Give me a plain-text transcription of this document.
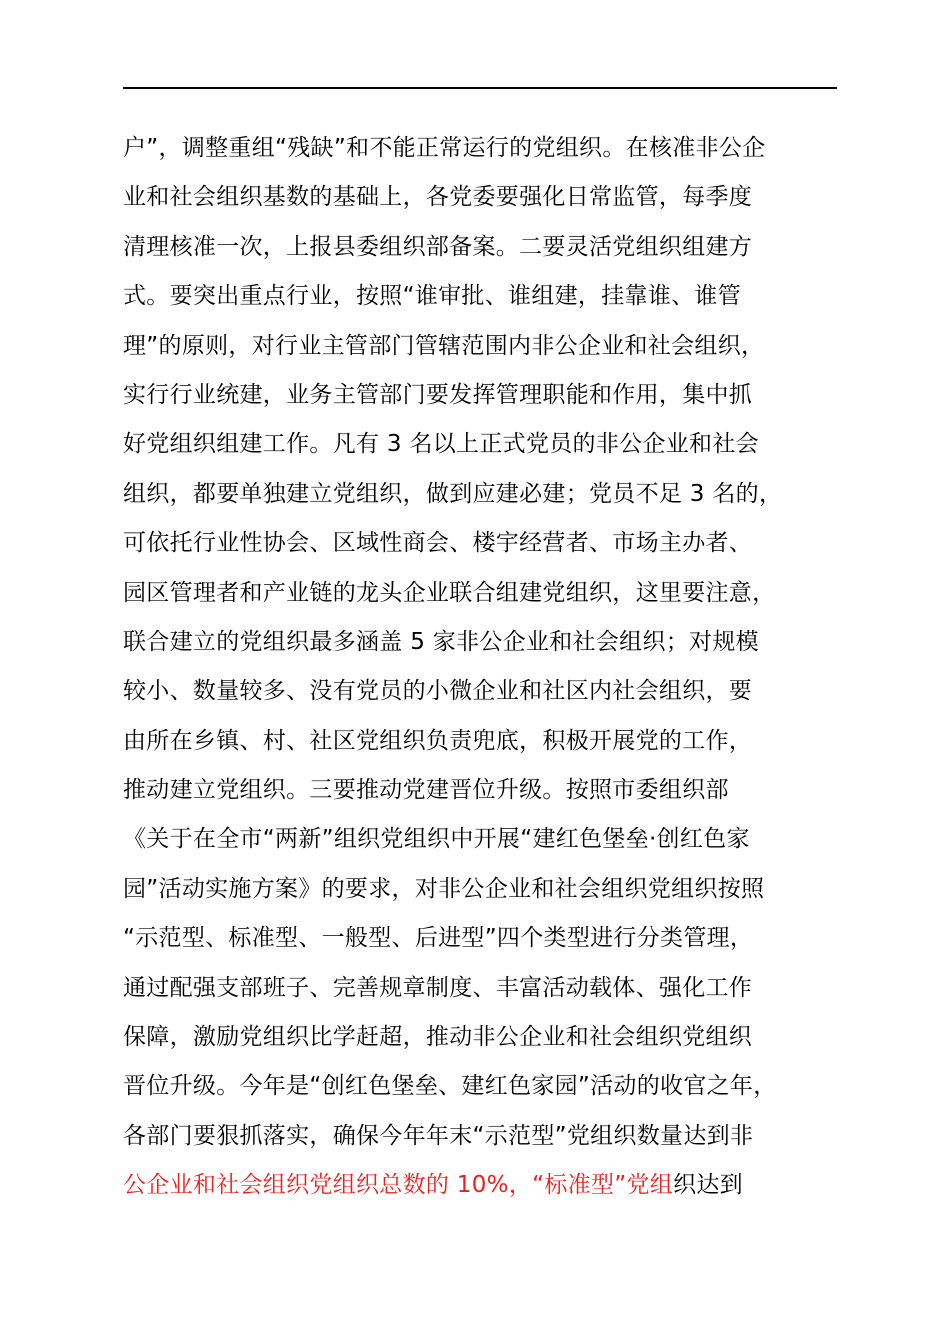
户”，调整重组“残缺”和不能正常运行的党组织。在核准非公企
业和社会组织基数的基础上，各党委要强化日常监管，每季度
清理核准一次，上报县委组织部备案。二要灵活党组织组建方
式。要突出重点行业，按照“谁审批、谁组建，挂靠谁、谁管
理”的原则，对行业主管部门管辖范围内非公企业和社会组织，
实行行业统建，业务主管部门要发挥管理职能和作用，集中抓
好党组织组建工作。凡有 3 名以上正式党员的非公企业和社会
组织，都要单独建立党组织，做到应建必建；党员不足 3 名的，
可依托行业性协会、区域性商会、楼宇经营者、市场主办者、
园区管理者和产业链的龙头企业联合组建党组织，这里要注意，
联合建立的党组织最多涵盖 5 家非公企业和社会组织；对规模
较小、数量较多、没有党员的小微企业和社区内社会组织，要
由所在乡镇、村、社区党组织负责兜底，积极开展党的工作，
推动建立党组织。三要推动党建晋位升级。按照市委组织部
《关于在全市“两新”组织党组织中开展“建红色堡垒·创红色家
园”活动实施方案》的要求，对非公企业和社会组织党组织按照
“示范型、标准型、一般型、后进型”四个类型进行分类管理，
通过配强支部班子、完善规章制度、丰富活动载体、强化工作
保障，激励党组织比学赶超，推动非公企业和社会组织党组织
晋位升级。今年是“创红色堡垒、建红色家园”活动的收官之年，
各部门要狠抓落实，确保今年年末“示范型”党组织数量达到非
公企业和社会组织党组织总数的 10%，“标准型”党组织达到
